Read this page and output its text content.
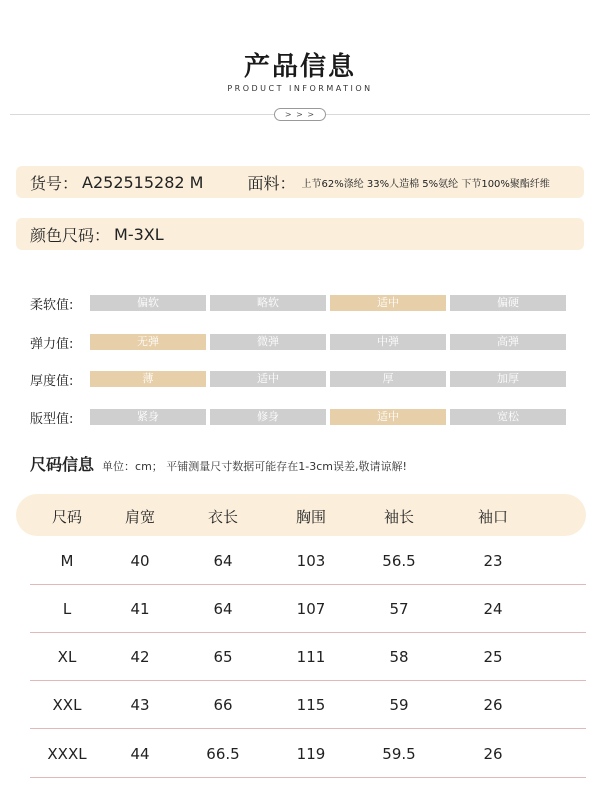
产品信息
PRODUCT INFORMATION
> > >
货号： A252515282 M	面料： 上节62%涤纶 33%人造棉 5%氨纶 下节100%聚酯纤维
颜色尺码： M-3XL
柔软值:	偏软	略软	适中	偏硬
弹力值:	无弹	微弹	中弹	高弹
厚度值:	薄	适中	厚	加厚
版型值:	紧身	修身	适中	宽松
尺码信息 单位：cm； 平铺测量尺寸数据可能存在1-3cm误差,敬请谅解!
尺码	肩宽	衣长	胸围	袖长	袖口
M	40	64	103	56.5	23
L	41	64	107	57	24
XL	42	65	111	58	25
XXL	43	66	115	59	26
XXXL	44	66.5	119	59.5	26
